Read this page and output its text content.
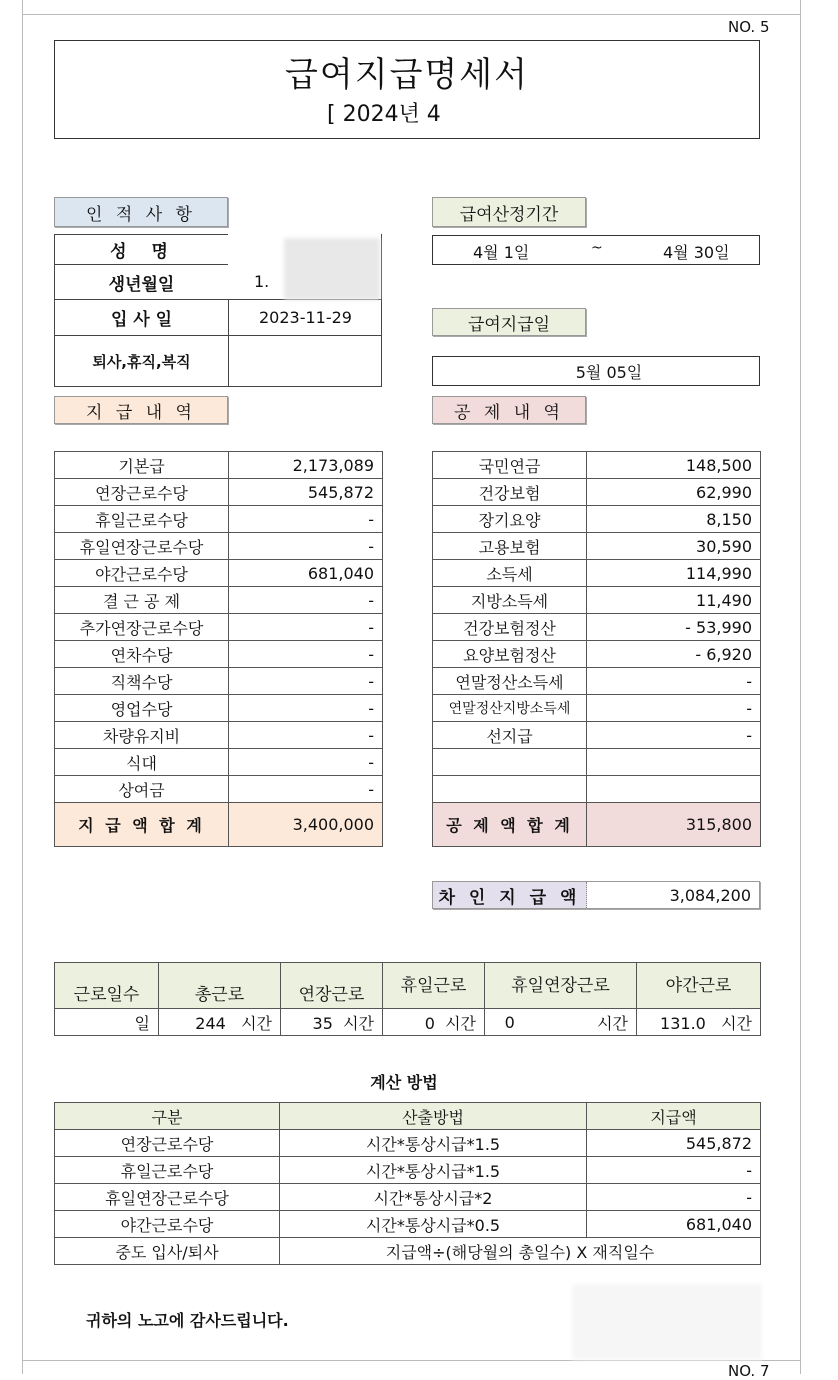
NO. 5
NO. 7
급여지급명세서
[ 2024년 4
인 적 사 항
성　명
생년월일	1.
입 사 일	2023-11-29
퇴사,휴직,복직
급여산정기간
4월 1일	~	4월 30일
급여지급일
5월 05일
지 급 내 역	공 제 내 역
기본급	2,173,089
연장근로수당	545,872
휴일근로수당	-
휴일연장근로수당	-
야간근로수당	681,040
결 근 공 제	-
추가연장근로수당	-
연차수당	-
직책수당	-
영업수당	-
차량유지비	-
식대	-
상여금	-
지 급 액 합 계	3,400,000
국민연금	148,500
건강보험	62,990
장기요양	8,150
고용보험	30,590
소득세	114,990
지방소득세	11,490
건강보험정산	- 53,990
요양보험정산	- 6,920
연말정산소득세	-
연말정산지방소득세	-
선지급	-

공 제 액 합 계	315,800
차 인 지 급 액	3,084,200
근로일수	총근로	연장근로	휴일근로	휴일연장근로		야간근로
일	244   시간	35  시간	0  시간	0	시간	131.0   시간
계산 방법
구분	산출방법	지급액
연장근로수당	시간*통상시급*1.5	545,872
휴일근로수당	시간*통상시급*1.5	-
휴일연장근로수당	시간*통상시급*2	-
야간근로수당	시간*통상시급*0.5	681,040
중도 입사/퇴사	지급액÷(해당월의 총일수) X 재직일수	
귀하의 노고에 감사드립니다.
